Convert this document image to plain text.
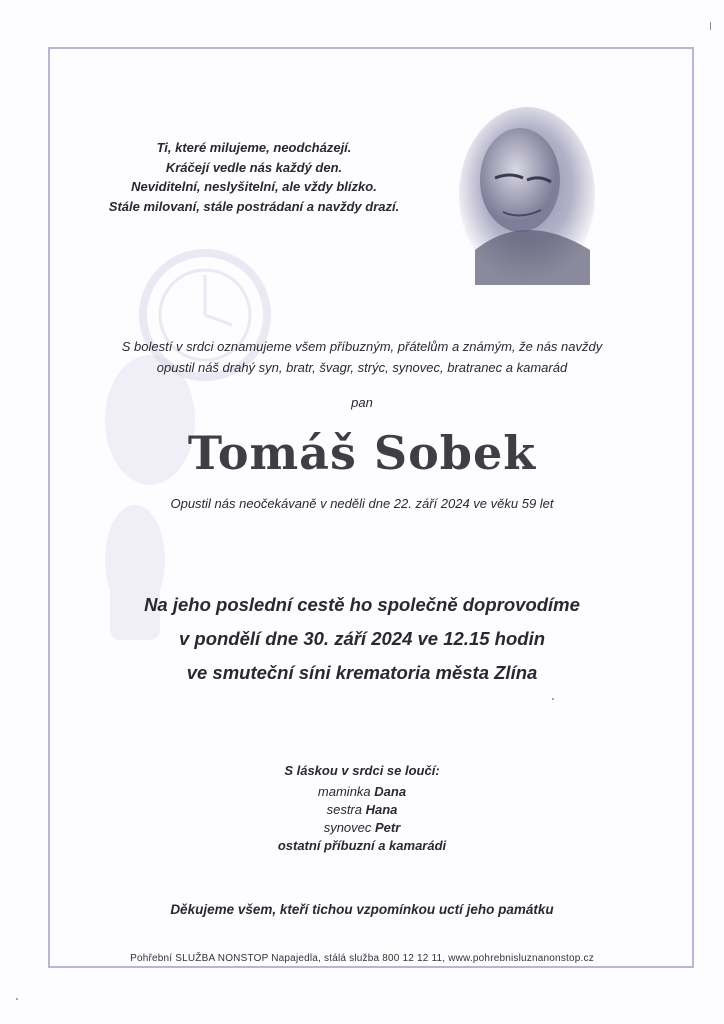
Ti, které milujeme, neodcházejí.
Kráčejí vedle nás každý den.
Neviditelní, neslyšitelní, ale vždy blízko.
Stále milovaní, stále postrádaní a navždy drazí.
S bolestí v srdci oznamujeme všem příbuzným, přátelům a známým, že nás navždy
opustil náš drahý syn, bratr, švagr, strýc, synovec, bratranec a kamarád
pan
Tomáš Sobek
Opustil nás neočekávaně v neděli dne 22. září 2024 ve věku 59 let
Na jeho poslední cestě ho společně doprovodíme
v pondělí dne 30. září 2024 ve 12.15 hodin
ve smuteční síni krematoria města Zlína
S láskou v srdci se loučí:
maminka Dana
sestra Hana
synovec Petr
ostatní příbuzní a kamarádi
Děkujeme všem, kteří tichou vzpomínkou uctí jeho památku
Pohřební SLUŽBA NONSTOP Napajedla, stálá služba 800 12 12 11, www.pohrebnisluznanonstop.cz
